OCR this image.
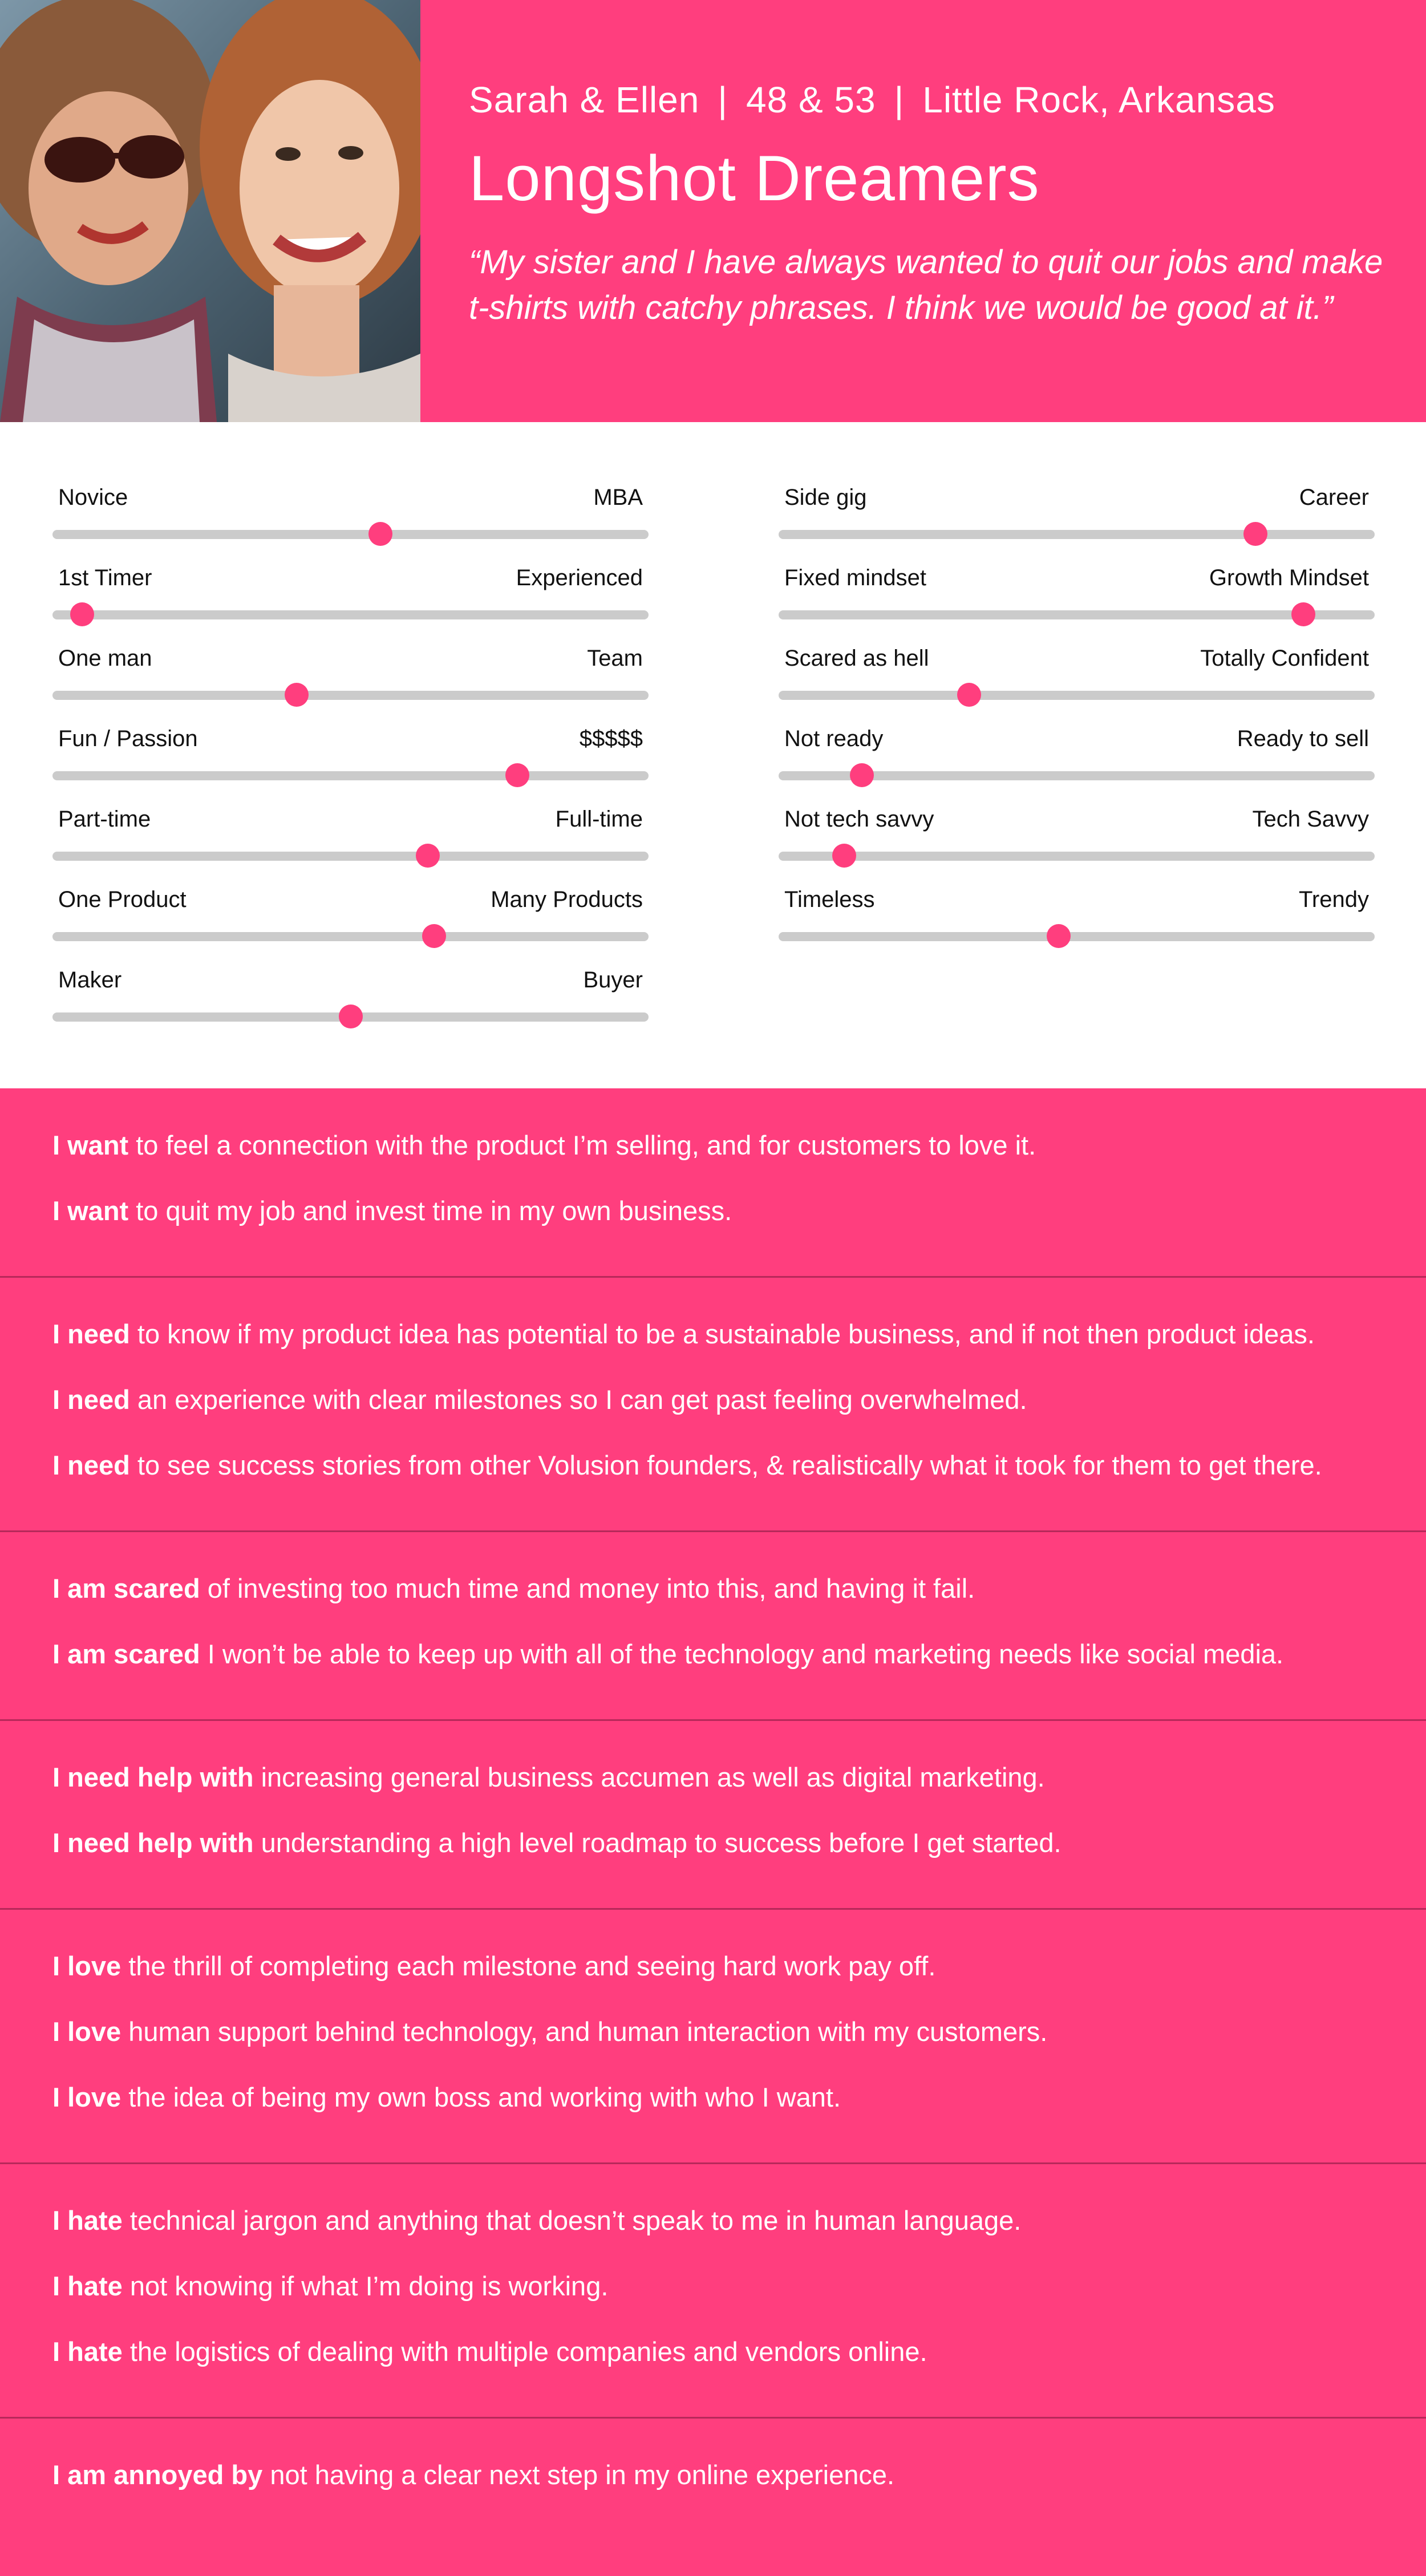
Sarah & Ellen | 48 & 53 | Little Rock, Arkansas
Longshot Dreamers
“My sister and I have always wanted to quit our jobs and make t-shirts with catchy phrases. I think we would be good at it.”
Novice	MBA
1st Timer	Experienced
One man	Team
Fun / Passion	$$$$$
Part-time	Full-time
One Product	Many Products
Maker	Buyer
Side gig	Career
Fixed mindset	Growth Mindset
Scared as hell	Totally Confident
Not ready	Ready to sell
Not tech savvy	Tech Savvy
Timeless	Trendy
I want to feel a connection with the product I’m selling, and for customers to love it.
I want to quit my job and invest time in my own business.
I need to know if my product idea has potential to be a sustainable business, and if not then product ideas.
I need an experience with clear milestones so I can get past feeling overwhelmed.
I need to see success stories from other Volusion founders, & realistically what it took for them to get there.
I am scared of investing too much time and money into this, and having it fail.
I am scared I won’t be able to keep up with all of the technology and marketing needs like social media.
I need help with increasing general business accumen as well as digital marketing.
I need help with understanding a high level roadmap to success before I get started.
I love the thrill of completing each milestone and seeing hard work pay off.
I love human support behind technology, and human interaction with my customers.
I love the idea of being my own boss and working with who I want.
I hate technical jargon and anything that doesn’t speak to me in human language.
I hate not knowing if what I’m doing is working.
I hate the logistics of dealing with multiple companies and vendors online.
I am annoyed by not having a clear next step in my online experience.
